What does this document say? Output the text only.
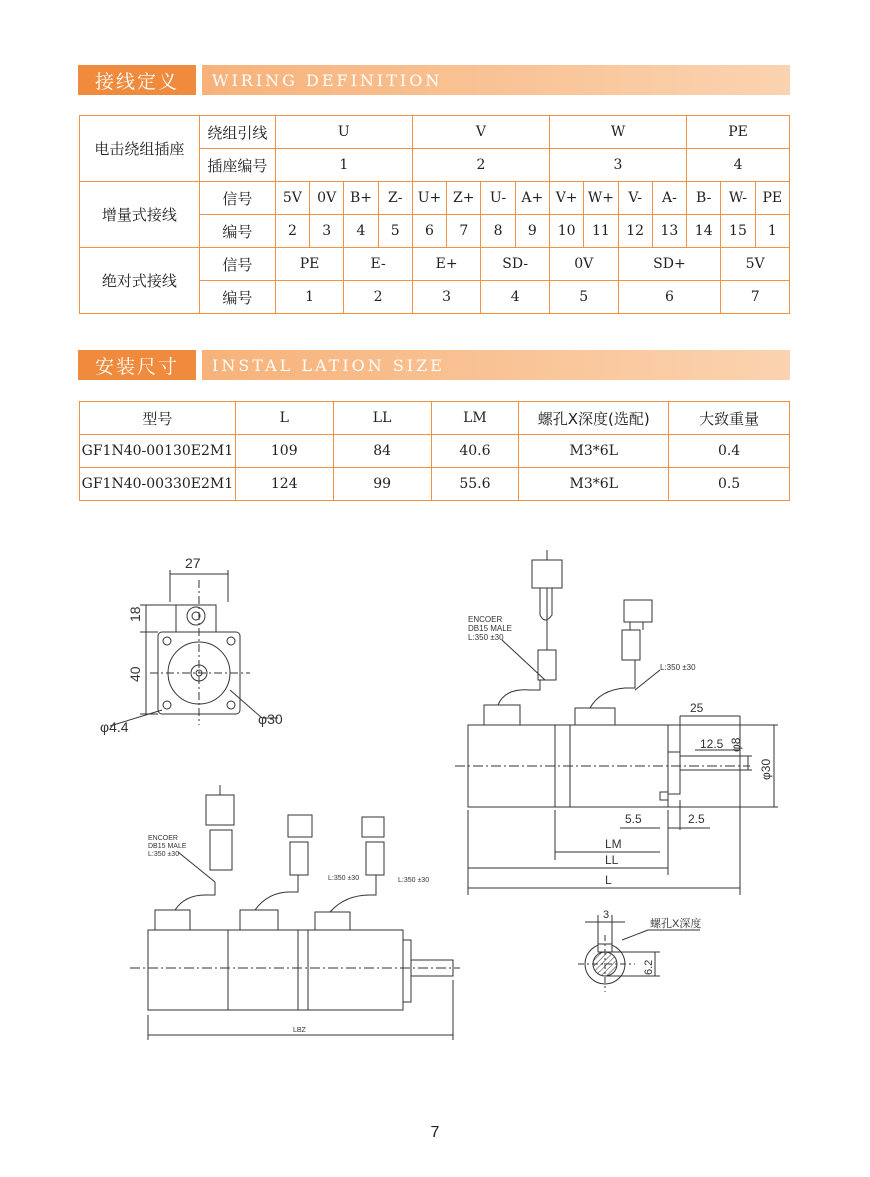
接线定义	WIRING DEFINITION
电击绕组插座	绕组引线	U				V				W				PE		
	插座编号	1				2				3				4		
增量式接线	信号	5V	0V	B+	Z-	U+	Z+	U-	A+	V+	W+	V-	A-	B-	W-	PE
	编号	2	3	4	5	6	7	8	9	10	11	12	13	14	15	1
绝对式接线	信号	PE		E-		E+		SD-		0V		SD+			5V	
	编号	1		2		3		4		5		6			7	
安装尺寸	INSTAL LATION SIZE
型号	L	LL	LM	螺孔X深度(选配)	大致重量
GF1N40-00130E2M1	109	84	40.6	M3*6L	0.4
GF1N40-00330E2M1	124	99	55.6	M3*6L	0.5
27
18
40
φ4.4	φ30
ENCOER
DB15 MALE
L:350 ±30
L:350 ±30
25
12.5 φ8
φ30
5.5	2.5
LM
LL
L
ENCOER
DB15 MALE
L:350 ±30
L:350 ±30	L:350 ±30
LBZ
3
6.2
螺孔X深度
7
